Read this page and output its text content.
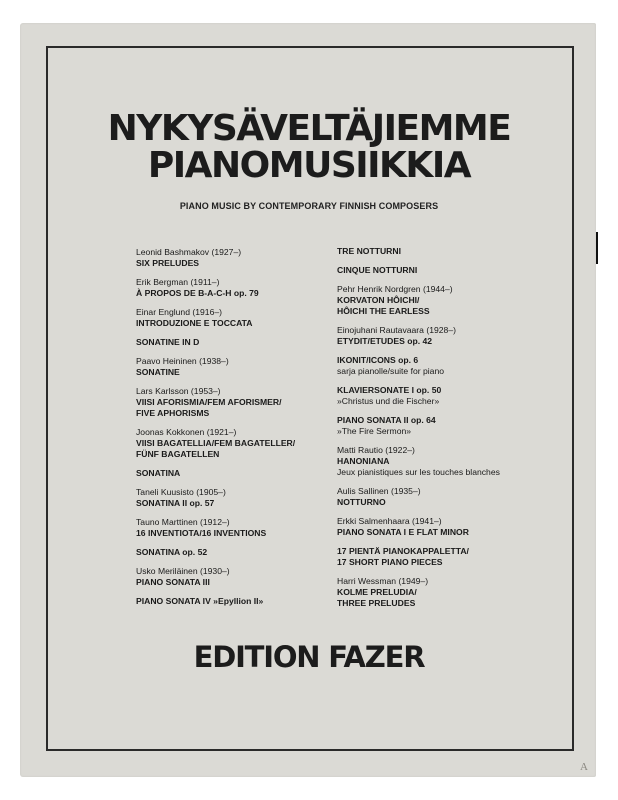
NYKYSÄVELTÄJIEMME
PIANOMUSIIKKIA
PIANO MUSIC BY CONTEMPORARY FINNISH COMPOSERS
Leonid Bashmakov (1927–)
SIX PRELUDES
Erik Bergman (1911–)
À PROPOS DE B-A-C-H op. 79
Einar Englund (1916–)
INTRODUZIONE E TOCCATA
SONATINE IN D
Paavo Heininen (1938–)
SONATINE
Lars Karlsson (1953–)
VIISI AFORISMIA/FEM AFORISMER/
FIVE APHORISMS
Joonas Kokkonen (1921–)
VIISI BAGATELLIA/FEM BAGATELLER/
FÜNF BAGATELLEN
SONATINA
Taneli Kuusisto (1905–)
SONATINA II op. 57
Tauno Marttinen (1912–)
16 INVENTIOTA/16 INVENTIONS
SONATINA op. 52
Usko Meriläinen (1930–)
PIANO SONATA III
PIANO SONATA IV »Epyllion II»
TRE NOTTURNI
CINQUE NOTTURNI
Pehr Henrik Nordgren (1944–)
KORVATON HÔICHI/
HÔICHI THE EARLESS
Einojuhani Rautavaara (1928–)
ETYDIT/ETUDES op. 42
IKONIT/ICONS op. 6
sarja pianolle/suite for piano
KLAVIERSONATE I op. 50
»Christus und die Fischer»
PIANO SONATA II op. 64
»The Fire Sermon»
Matti Rautio (1922–)
HANONIANA
Jeux pianistiques sur les touches blanches
Aulis Sallinen (1935–)
NOTTURNO
Erkki Salmenhaara (1941–)
PIANO SONATA I E FLAT MINOR
17 PIENTÄ PIANOKAPPALETTA/
17 SHORT PIANO PIECES
Harri Wessman (1949–)
KOLME PRELUDIA/
THREE PRELUDES
EDITION FAZER
A
